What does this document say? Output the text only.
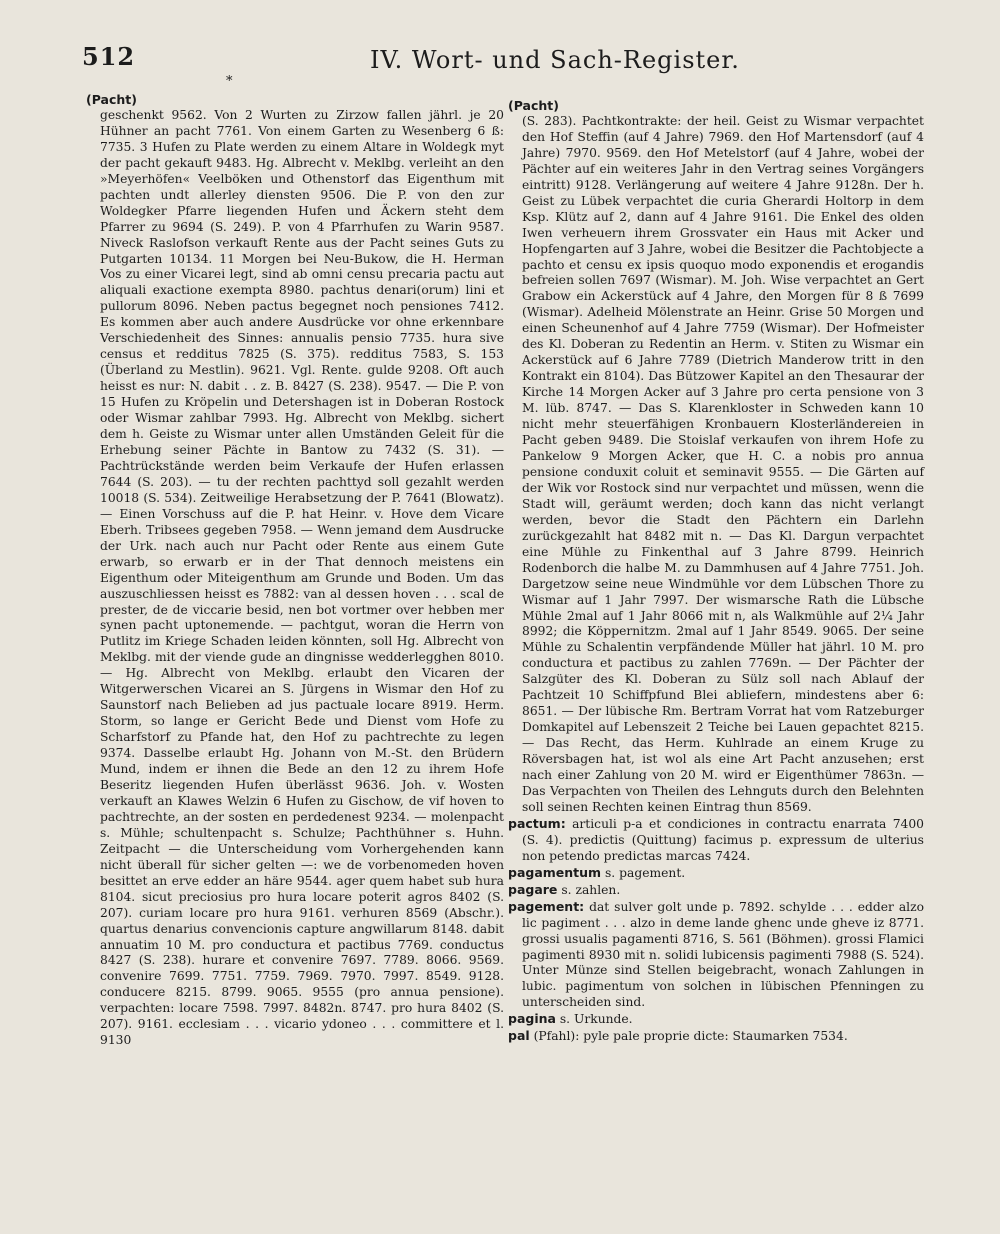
512	IV. Wort- und Sach-Register.
*
(Pacht)

geschenkt 9562. Von 2 Wurten zu Zirzow fallen jährl. je 20 Hühner an pacht 7761. Von einem Garten zu Wesenberg 6 ß: 7735. 3 Hufen zu Plate werden zu einem Altare in Woldegk myt der pacht gekauft 9483. Hg. Albrecht v. Meklbg. verleiht an den »Meyerhöfen« Veelböken und Othenstorf das Eigenthum mit pachten undt allerley diensten 9506. Die P. von den zur Woldegker Pfarre liegenden Hufen und Äckern steht dem Pfarrer zu 9694 (S. 249). P. von 4 Pfarrhufen zu Warin 9587. Niveck Raslofson verkauft Rente aus der Pacht seines Guts zu Putgarten 10134. 11 Morgen bei Neu-Bukow, die H. Herman Vos zu einer Vicarei legt, sind ab omni censu precaria pactu aut aliquali exactione exempta 8980. pachtus denari(orum) lini et pullorum 8096. Neben pactus begegnet noch pensiones 7412. Es kommen aber auch andere Ausdrücke vor ohne erkennbare Verschiedenheit des Sinnes: annualis pensio 7735. hura sive census et redditus 7825 (S. 375). redditus 7583, S. 153 (Überland zu Mestlin). 9621. Vgl. Rente. gulde 9208. Oft auch heisst es nur: N. dabit . . z. B. 8427 (S. 238). 9547. — Die P. von 15 Hufen zu Kröpelin und Detershagen ist in Doberan Rostock oder Wismar zahlbar 7993. Hg. Albrecht von Meklbg. sichert dem h. Geiste zu Wismar unter allen Umständen Geleit für die Erhebung seiner Pächte in Bantow zu 7432 (S. 31). — Pachtrückstände werden beim Verkaufe der Hufen erlassen 7644 (S. 203). — tu der rechten pachttyd soll gezahlt werden 10018 (S. 534). Zeitweilige Herabsetzung der P. 7641 (Blowatz). — Einen Vorschuss auf die P. hat Heinr. v. Hove dem Vicare Eberh. Tribsees gegeben 7958. — Wenn jemand dem Ausdrucke der Urk. nach auch nur Pacht oder Rente aus einem Gute erwarb, so erwarb er in der That dennoch meistens ein Eigenthum oder Miteigenthum am Grunde und Boden. Um das auszuschliessen heisst es 7882: van al dessen hoven . . . scal de prester, de de viccarie besid, nen bot vortmer over hebben mer synen pacht uptonemende. — pachtgut, woran die Herrn von Putlitz im Kriege Schaden leiden könnten, soll Hg. Albrecht von Meklbg. mit der viende gude an dingnisse wedderlegghen 8010. — Hg. Albrecht von Meklbg. erlaubt den Vicaren der Witgerwerschen Vicarei an S. Jürgens in Wismar den Hof zu Saunstorf nach Belieben ad jus pactuale locare 8919. Herm. Storm, so lange er Gericht Bede und Dienst vom Hofe zu Scharfstorf zu Pfande hat, den Hof zu pachtrechte zu legen 9374. Dasselbe erlaubt Hg. Johann von M.-St. den Brüdern Mund, indem er ihnen die Bede an den 12 zu ihrem Hofe Beseritz liegenden Hufen überlässt 9636. Joh. v. Wosten verkauft an Klawes Welzin 6 Hufen zu Gischow, de vif hoven to pachtrechte, an der sosten en perdedenest 9234. — molenpacht s. Mühle; schultenpacht s. Schulze; Pachthühner s. Huhn. Zeitpacht — die Unterscheidung vom Vorhergehenden kann nicht überall für sicher gelten —: we de vorbenomeden hoven besittet an erve edder an häre 9544. ager quem habet sub hura 8104. sicut preciosius pro hura locare poterit agros 8402 (S. 207). curiam locare pro hura 9161. verhuren 8569 (Abschr.). quartus denarius convencionis capture angwillarum 8148. dabit annuatim 10 M. pro conductura et pactibus 7769. conductus 8427 (S. 238). hurare et convenire 7697. 7789. 8066. 9569. convenire 7699. 7751. 7759. 7969. 7970. 7997. 8549. 9128. conducere 8215. 8799. 9065. 9555 (pro annua pensione). verpachten: locare 7598. 7997. 8482n. 8747. pro hura 8402 (S. 207). 9161. ecclesiam . . . vicario ydoneo . . . committere et l. 9130

(Pacht)

(S. 283). Pachtkontrakte: der heil. Geist zu Wismar verpachtet den Hof Steffin (auf 4 Jahre) 7969. den Hof Martensdorf (auf 4 Jahre) 7970. 9569. den Hof Metelstorf (auf 4 Jahre, wobei der Pächter auf ein weiteres Jahr in den Vertrag seines Vorgängers eintritt) 9128. Verlängerung auf weitere 4 Jahre 9128n. Der h. Geist zu Lübek verpachtet die curia Gherardi Holtorp in dem Ksp. Klütz auf 2, dann auf 4 Jahre 9161. Die Enkel des olden Iwen verheuern ihrem Grossvater ein Haus mit Acker und Hopfengarten auf 3 Jahre, wobei die Besitzer die Pachtobjecte a pachto et censu ex ipsis quoquo modo exponendis et erogandis befreien sollen 7697 (Wismar). M. Joh. Wise verpachtet an Gert Grabow ein Ackerstück auf 4 Jahre, den Morgen für 8 ß 7699 (Wismar). Adelheid Mölenstrate an Heinr. Grise 50 Morgen und einen Scheunenhof auf 4 Jahre 7759 (Wismar). Der Hofmeister des Kl. Doberan zu Redentin an Herm. v. Stiten zu Wismar ein Ackerstück auf 6 Jahre 7789 (Dietrich Manderow tritt in den Kontrakt ein 8104). Das Bützower Kapitel an den Thesaurar der Kirche 14 Morgen Acker auf 3 Jahre pro certa pensione von 3 M. lüb. 8747. — Das S. Klarenkloster in Schweden kann 10 nicht mehr steuerfähigen Kronbauern Klosterländereien in Pacht geben 9489. Die Stoislaf verkaufen von ihrem Hofe zu Pankelow 9 Morgen Acker, que H. C. a nobis pro annua pensione conduxit coluit et seminavit 9555. — Die Gärten auf der Wik vor Rostock sind nur verpachtet und müssen, wenn die Stadt will, geräumt werden; doch kann das nicht verlangt werden, bevor die Stadt den Pächtern ein Darlehn zurückgezahlt hat 8482 mit n. — Das Kl. Dargun verpachtet eine Mühle zu Finkenthal auf 3 Jahre 8799. Heinrich Rodenborch die halbe M. zu Dammhusen auf 4 Jahre 7751. Joh. Dargetzow seine neue Windmühle vor dem Lübschen Thore zu Wismar auf 1 Jahr 7997. Der wismarsche Rath die Lübsche Mühle 2mal auf 1 Jahr 8066 mit n, als Walkmühle auf 2¼ Jahr 8992; die Köppernitzm. 2mal auf 1 Jahr 8549. 9065. Der seine Mühle zu Schalentin verpfändende Müller hat jährl. 10 M. pro conductura et pactibus zu zahlen 7769n. — Der Pächter der Salzgüter des Kl. Doberan zu Sülz soll nach Ablauf der Pachtzeit 10 Schiffpfund Blei abliefern, mindestens aber 6: 8651. — Der lübische Rm. Bertram Vorrat hat vom Ratzeburger Domkapitel auf Lebenszeit 2 Teiche bei Lauen gepachtet 8215. — Das Recht, das Herm. Kuhlrade an einem Kruge zu Röversbagen hat, ist wol als eine Art Pacht anzusehen; erst nach einer Zahlung von 20 M. wird er Eigenthümer 7863n. — Das Verpachten von Theilen des Lehnguts durch den Belehnten soll seinen Rechten keinen Eintrag thun 8569.

pactum: articuli p-a et condiciones in contractu enarrata 7400 (S. 4). predictis (Quittung) facimus p. expressum de ulterius non petendo predictas marcas 7424.

pagamentum s. pagement.

pagare s. zahlen.

pagement: dat sulver golt unde p. 7892. schylde . . . edder alzo lic pagiment . . . alzo in deme lande ghenc unde gheve iz 8771. grossi usualis pagamenti 8716, S. 561 (Böhmen). grossi Flamici pagimenti 8930 mit n. solidi lubicensis pagimenti 7988 (S. 524). Unter Münze sind Stellen beigebracht, wonach Zahlungen in lubic. pagimentum von solchen in lübischen Pfenningen zu unterscheiden sind.

pagina s. Urkunde.

pal (Pfahl): pyle pale proprie dicte: Staumarken 7534.
